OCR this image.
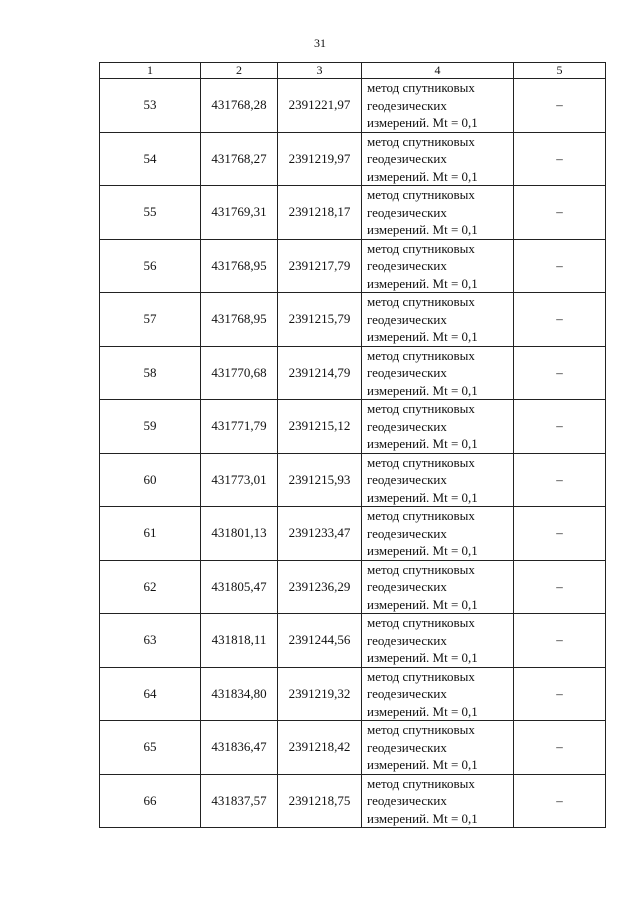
31
1	2	3	4	5
53	431768,28	2391221,97	метод спутниковых
геодезических
измерений. Mt = 0,1	–
54	431768,27	2391219,97	метод спутниковых
геодезических
измерений. Mt = 0,1	–
55	431769,31	2391218,17	метод спутниковых
геодезических
измерений. Mt = 0,1	–
56	431768,95	2391217,79	метод спутниковых
геодезических
измерений. Mt = 0,1	–
57	431768,95	2391215,79	метод спутниковых
геодезических
измерений. Mt = 0,1	–
58	431770,68	2391214,79	метод спутниковых
геодезических
измерений. Mt = 0,1	–
59	431771,79	2391215,12	метод спутниковых
геодезических
измерений. Mt = 0,1	–
60	431773,01	2391215,93	метод спутниковых
геодезических
измерений. Mt = 0,1	–
61	431801,13	2391233,47	метод спутниковых
геодезических
измерений. Mt = 0,1	–
62	431805,47	2391236,29	метод спутниковых
геодезических
измерений. Mt = 0,1	–
63	431818,11	2391244,56	метод спутниковых
геодезических
измерений. Mt = 0,1	–
64	431834,80	2391219,32	метод спутниковых
геодезических
измерений. Mt = 0,1	–
65	431836,47	2391218,42	метод спутниковых
геодезических
измерений. Mt = 0,1	–
66	431837,57	2391218,75	метод спутниковых
геодезических
измерений. Mt = 0,1	–
